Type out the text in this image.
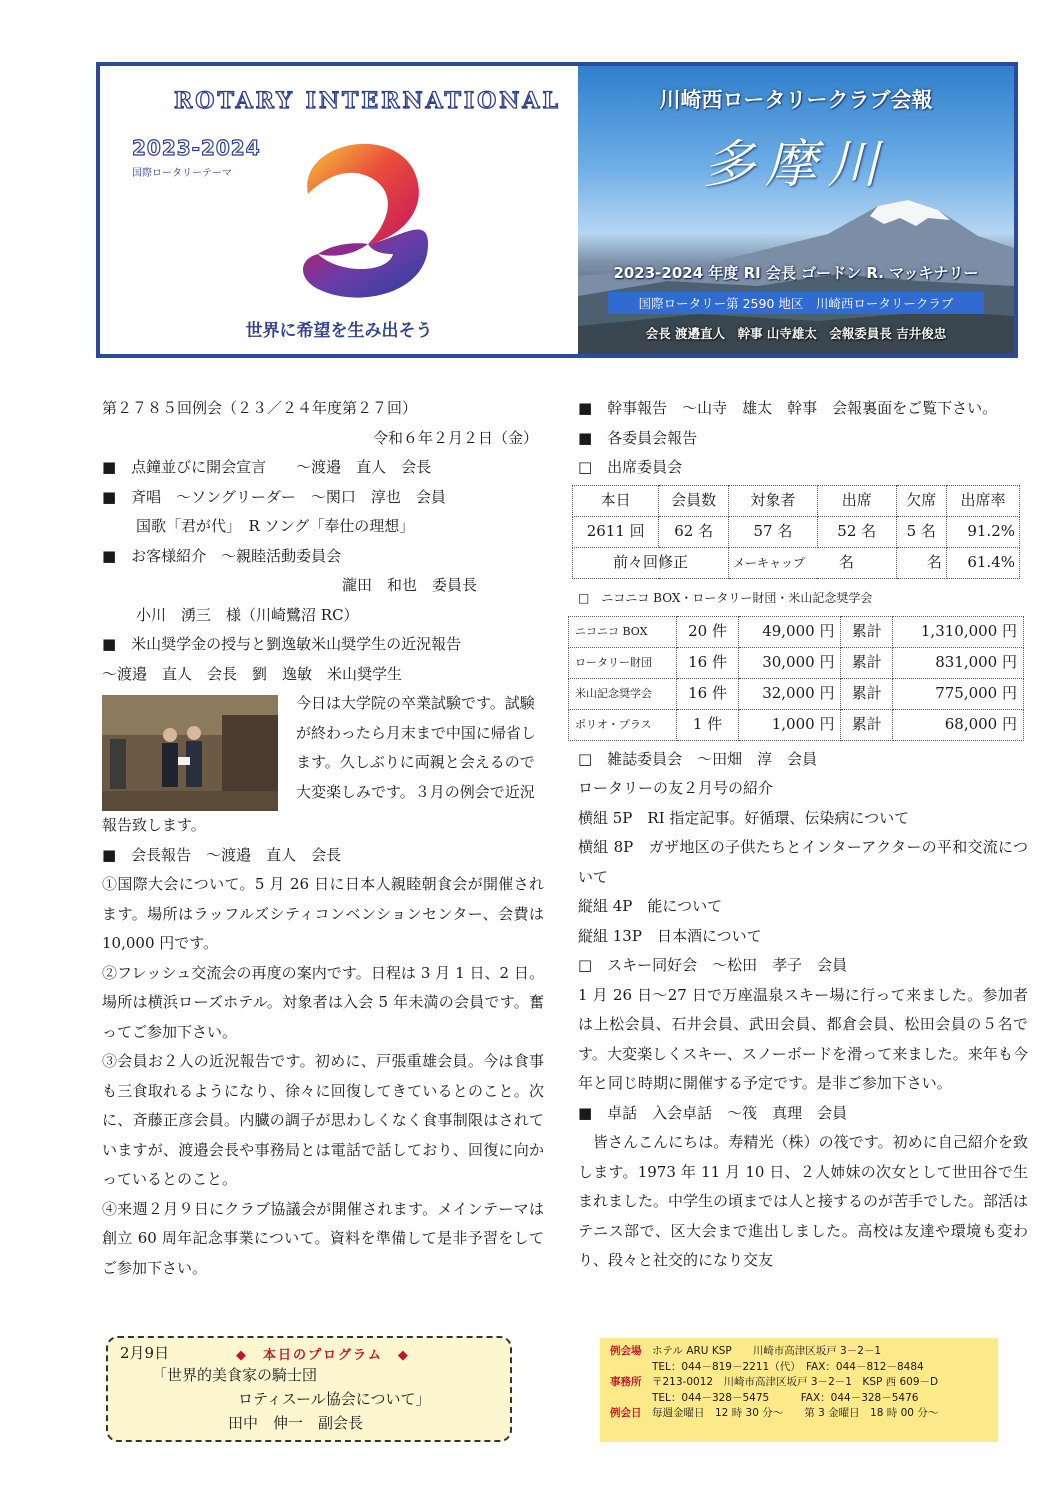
ROTARY INTERNATIONAL
2023-2024
国際ロータリーテーマ
世界に希望を生み出そう
川崎西ロータリークラブ会報
多摩川
2023-2024 年度 RI 会長 ゴードン R. マッキナリー
国際ロータリー第 2590 地区　川崎西ロータリークラブ
会長 渡邉直人　幹事 山寺雄太　会報委員長 吉井俊忠
第２７８５回例会（２３／２４年度第２７回）
令和６年２月２日（金）
■　点鐘並びに開会宣言　　～渡邉　直人　会長
■　斉唱　～ソングリーダー　～関口　淳也　会員
国歌「君が代」　R ソング「奉仕の理想」
■　お客様紹介　～親睦活動委員会
瀧田　和也　委員長
小川　湧三　様（川崎鷺沼 RC）
■　米山奨学金の授与と劉逸敏米山奨学生の近況報告
～渡邉　直人　会長　劉　逸敏　米山奨学生
今日は大学院の卒業試験です。試験が終わったら月末まで中国に帰省します。久しぶりに両親と会えるので大変楽しみです。３月の例会で近況
報告致します。
■　会長報告　～渡邉　直人　会長
①国際大会について。5 月 26 日に日本人親睦朝食会が開催されます。場所はラッフルズシティコンベンションセンター、会費は 10,000 円です。
②フレッシュ交流会の再度の案内です。日程は 3 月 1 日、2 日。場所は横浜ローズホテル。対象者は入会 5 年未満の会員です。奮ってご参加下さい。
③会員お２人の近況報告です。初めに、戸張重雄会員。今は食事も三食取れるようになり、徐々に回復してきているとのこと。次に、斉藤正彦会員。内臓の調子が思わしくなく食事制限はされていますが、渡邉会長や事務局とは電話で話しており、回復に向かっているとのこと。
④来週２月９日にクラブ協議会が開催されます。メインテーマは創立 60 周年記念事業について。資料を準備して是非予習をしてご参加下さい。
■　幹事報告　～山寺　雄太　幹事　会報裏面をご覧下さい。
■　各委員会報告
□　出席委員会
本日	会員数	対象者	出席	欠席	出席率
2611 回	62 名	57 名	52 名	5 名	91.2%
前々回修正		メーキャップ 名		名	61.4%
□　ニコニコ BOX・ロータリー財団・米山記念奨学会
ニコニコ BOX	20 件	49,000 円	累計	1,310,000 円
ロータリー財団	16 件	30,000 円	累計	831,000 円
米山記念奨学会	16 件	32,000 円	累計	775,000 円
ポリオ・プラス	1 件	1,000 円	累計	68,000 円
□　雑誌委員会　～田畑　淳　会員
ロータリーの友２月号の紹介
横組 5P　RI 指定記事。好循環、伝染病について
横組 8P　ガザ地区の子供たちとインターアクターの平和交流について
縦組 4P　能について
縦組 13P　日本酒について
□　スキー同好会　～松田　孝子　会員
1 月 26 日～27 日で万座温泉スキー場に行って来ました。参加者は上松会員、石井会員、武田会員、都倉会員、松田会員の５名です。大変楽しくスキー、スノーボードを滑って来ました。来年も今年と同じ時期に開催する予定です。是非ご参加下さい。
■　卓話　入会卓話　～筏　真理　会員
皆さんこんにちは。寿精光（株）の筏です。初めに自己紹介を致します。1973 年 11 月 10 日、２人姉妹の次女として世田谷で生まれました。中学生の頃までは人と接するのが苦手でした。部活はテニス部で、区大会まで進出しました。高校は友達や環境も変わり、段々と社交的になり交友
2月9日	◆　本日のプログラム　◆
「世界的美食家の騎士団
ロティスール協会について」
田中　伸一　副会長
例会場	ホテル ARU KSP　　川崎市高津区坂戸 3－2－1
TEL：044－819－2211（代）　FAX：044－812－8484
事務所	〒213-0012　川崎市高津区坂戸 3－2－1　KSP 西 609－D
TEL：044－328－5475　　　FAX：044－328－5476
例会日	毎週金曜日　12 時 30 分～　　第 3 金曜日　18 時 00 分～
